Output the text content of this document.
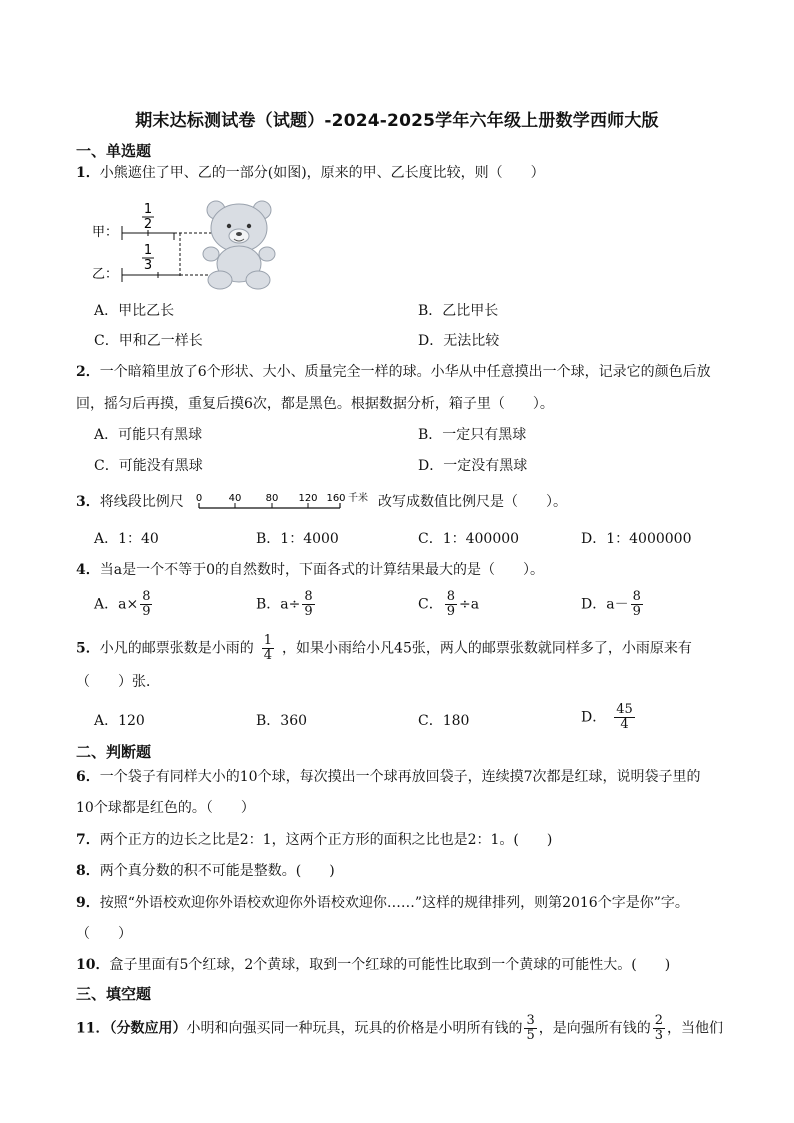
期末达标测试卷（试题）-2024-2025学年六年级上册数学西师大版
一、单选题
1．小熊遮住了甲、乙的一部分(如图)，原来的甲、乙长度比较，则（　　）
1
2
甲：
1
3
乙：
A．甲比乙长	B．乙比甲长
C．甲和乙一样长	D．无法比较
2．一个暗箱里放了6个形状、大小、质量完全一样的球。小华从中任意摸出一个球，记录它的颜色后放
回，摇匀后再摸，重复后摸6次，都是黑色。根据数据分析，箱子里（　　）。
A．可能只有黑球	B．一定只有黑球
C．可能没有黑球	D．一定没有黑球
3．将线段比例尺 0	40 80 120 160 千米 改写成数值比例尺是（　　）。
A．1：40	B．1：4000	C．1：400000	D．1：4000000
4．当a是一个不等于0的自然数时，下面各式的计算结果最大的是（　　）。
A．$a\times \frac{8}{9}$	B．$a\div \frac{8}{9}$	C． $\frac{8}{9} \div a$	D．$a- \frac{8}{9}$
5．小凡的邮票张数是小雨的 $\frac{1}{4}$ ，如果小雨给小凡45张，两人的邮票张数就同样多了，小雨原来有
（　　）张．
A．120	B．360	C．180	D． $\frac{45}{4}$
二、判断题
6．一个袋子有同样大小的10个球，每次摸出一个球再放回袋子，连续摸7次都是红球，说明袋子里的
10个球都是红色的。（　　）
7．两个正方的边长之比是2：1，这两个正方形的面积之比也是2：1。(　　)
8．两个真分数的积不可能是整数。(　　)
9．按照“外语校欢迎你外语校欢迎你外语校欢迎你……”这样的规律排列，则第2016个字是你”字。
（　　）
10．盒子里面有5个红球，2个黄球，取到一个红球的可能性比取到一个黄球的可能性大。(　　)
三、填空题
11．（分数应用）小明和向强买同一种玩具，玩具的价格是小明所有钱的 $\frac{3}{5}$ ，是向强所有钱的 $\frac{2}{3}$ ，当他们
